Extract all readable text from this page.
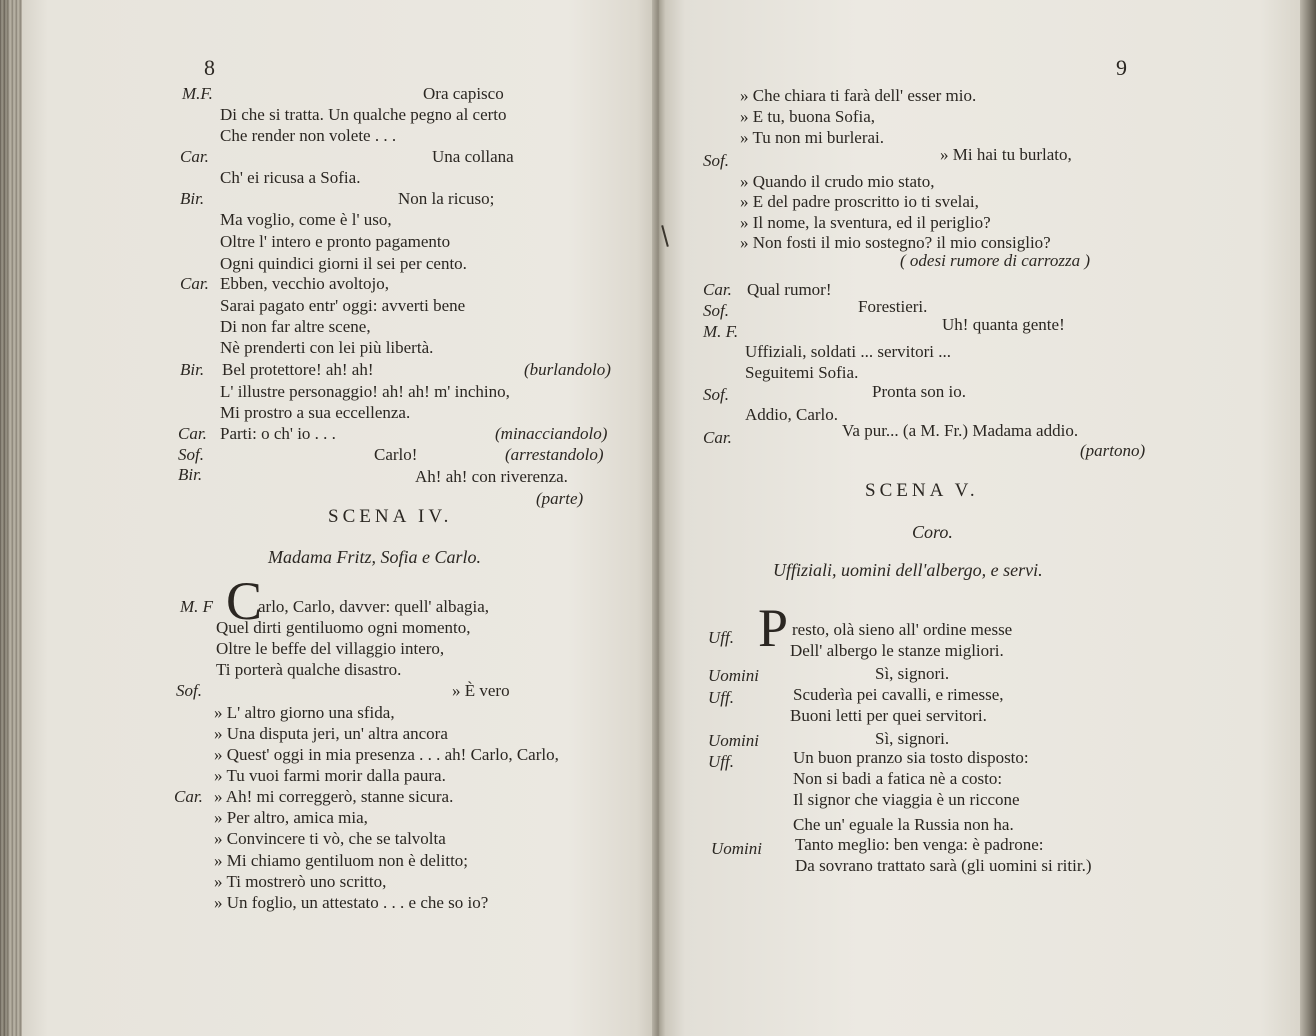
8
SCENA IV.
Madama Fritz, Sofia e Carlo.
C
M.F.	Ora capisco
Di che si tratta. Un qualche pegno al certo
Che render non volete . . .
Car.	Una collana
Ch' ei ricusa a Sofia.
Bir.	Non la ricuso;
Ma voglio, come è l' uso,
Oltre l' intero e pronto pagamento
Ogni quindici giorni il sei per cento.
Car. Ebben, vecchio avoltojo,
Sarai pagato entr' oggi: avverti bene
Di non far altre scene,
Nè prenderti con lei più libertà.
Bir. Bel protettore! ah! ah!	(burlandolo)
L' illustre personaggio! ah! ah! m' inchino,
Mi prostro a sua eccellenza.
Car. Parti: o ch' io . . .	(minacciandolo)
Sof.	Carlo!	(arrestandolo)
Bir.	Ah! ah! con riverenza.
(parte)
M. F	arlo, Carlo, davver: quell' albagia,
Quel dirti gentiluomo ogni momento,
Oltre le beffe del villaggio intero,
Ti porterà qualche disastro.
Sof.	» È vero
» L' altro giorno una sfida,
» Una disputa jeri, un' altra ancora
» Quest' oggi in mia presenza . . . ah! Carlo, Carlo,
» Tu vuoi farmi morir dalla paura.
Car. » Ah! mi correggerò, stanne sicura.
» Per altro, amica mia,
» Convincere ti vò, che se talvolta
» Mi chiamo gentiluom non è delitto;
» Ti mostrerò uno scritto,
» Un foglio, un attestato . . . e che so io?
9
SCENA V.
Coro.
Uffiziali, uomini dell'albergo, e servi.
P
» Che chiara ti farà dell' esser mio.
» E tu, buona Sofia,
» Tu non mi burlerai.
Sof.	» Mi hai tu burlato,
» Quando il crudo mio stato,
» E del padre proscritto io ti svelai,
» Il nome, la sventura, ed il periglio?
» Non fosti il mio sostegno? il mio consiglio?
( odesi rumore di carrozza )
Car. Qual rumor!
Sof.	Forestieri.
M. F.	Uh! quanta gente!
Uffiziali, soldati ... servitori ...
Seguitemi Sofia.
Sof.	Pronta son io.
Addio, Carlo.
Car.	Va pur... (a M. Fr.) Madama addio.
(partono)
Uff.	resto, olà sieno all' ordine messe
Dell' albergo le stanze migliori.
Uomini	Sì, signori.
Uff.	Scuderìa pei cavalli, e rimesse,
Buoni letti per quei servitori.
Uomini	Sì, signori.
Uff.	Un buon pranzo sia tosto disposto:
Non si badi a fatica nè a costo:
Il signor che viaggia è un riccone
Che un' eguale la Russia non ha.
Uomini Tanto meglio: ben venga: è padrone:
Da sovrano trattato sarà (gli uomini si ritir.)
